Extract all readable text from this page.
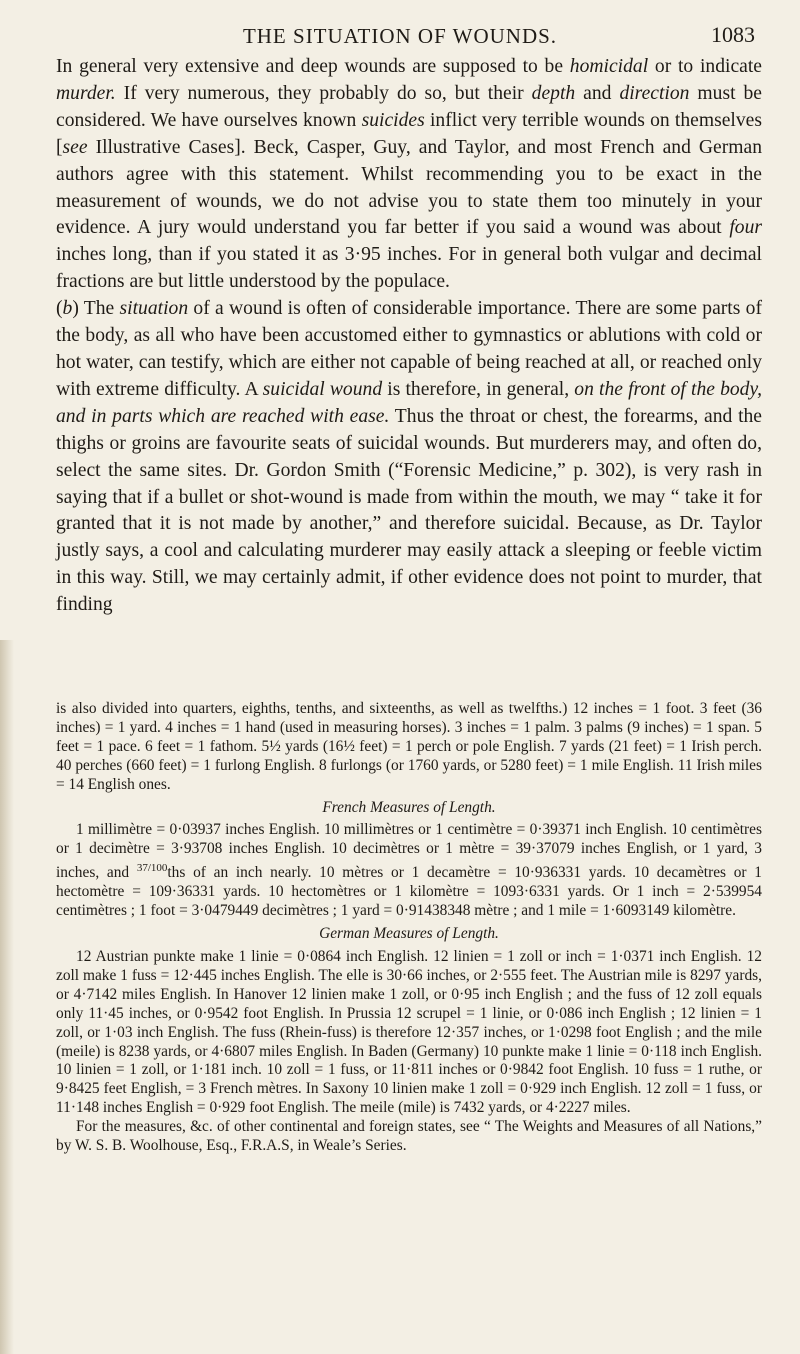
THE SITUATION OF WOUNDS.	1083

In general very extensive and deep wounds are supposed to be homicidal or to indicate murder. If very numerous, they probably do so, but their depth and direction must be considered. We have ourselves known suicides inflict very terrible wounds on themselves [see Illustrative Cases]. Beck, Casper, Guy, and Taylor, and most French and German authors agree with this statement. Whilst recommending you to be exact in the measurement of wounds, we do not advise you to state them too minutely in your evidence. A jury would understand you far better if you said a wound was about four inches long, than if you stated it as 3·95 inches. For in general both vulgar and decimal fractions are but little understood by the populace.

(b) The situation of a wound is often of considerable importance. There are some parts of the body, as all who have been accustomed either to gymnastics or ablutions with cold or hot water, can testify, which are either not capable of being reached at all, or reached only with extreme difficulty. A suicidal wound is therefore, in general, on the front of the body, and in parts which are reached with ease. Thus the throat or chest, the forearms, and the thighs or groins are favourite seats of suicidal wounds. But murderers may, and often do, select the same sites. Dr. Gordon Smith (“Forensic Medicine,” p. 302), is very rash in saying that if a bullet or shot-wound is made from within the mouth, we may “ take it for granted that it is not made by another,” and therefore suicidal. Because, as Dr. Taylor justly says, a cool and calculating murderer may easily attack a sleeping or feeble victim in this way. Still, we may certainly admit, if other evidence does not point to murder, that finding

is also divided into quarters, eighths, tenths, and sixteenths, as well as twelfths.) 12 inches = 1 foot. 3 feet (36 inches) = 1 yard. 4 inches = 1 hand (used in measuring horses). 3 inches = 1 palm. 3 palms (9 inches) = 1 span. 5 feet = 1 pace. 6 feet = 1 fathom. 5½ yards (16½ feet) = 1 perch or pole English. 7 yards (21 feet) = 1 Irish perch. 40 perches (660 feet) = 1 furlong English. 8 furlongs (or 1760 yards, or 5280 feet) = 1 mile English. 11 Irish miles = 14 English ones.

French Measures of Length.

1 millimètre = 0·03937 inches English. 10 millimètres or 1 centimètre = 0·39371 inch English. 10 centimètres or 1 decimètre = 3·93708 inches English. 10 decimètres or 1 mètre = 39·37079 inches English, or 1 yard, 3 inches, and $^{37/100}$ths of an inch nearly. 10 mètres or 1 decamètre = 10·936331 yards. 10 decamètres or 1 hectomètre = 109·36331 yards. 10 hectomètres or 1 kilomètre = 1093·6331 yards. Or 1 inch = 2·539954 centimètres ; 1 foot = 3·0479449 decimètres ; 1 yard = 0·91438348 mètre ; and 1 mile = 1·6093149 kilomètre.

German Measures of Length.

12 Austrian punkte make 1 linie = 0·0864 inch English. 12 linien = 1 zoll or inch = 1·0371 inch English. 12 zoll make 1 fuss = 12·445 inches English. The elle is 30·66 inches, or 2·555 feet. The Austrian mile is 8297 yards, or 4·7142 miles English. In Hanover 12 linien make 1 zoll, or 0·95 inch English ; and the fuss of 12 zoll equals only 11·45 inches, or 0·9542 foot English. In Prussia 12 scrupel = 1 linie, or 0·086 inch English ; 12 linien = 1 zoll, or 1·03 inch English. The fuss (Rhein-fuss) is therefore 12·357 inches, or 1·0298 foot English ; and the mile (meile) is 8238 yards, or 4·6807 miles English. In Baden (Germany) 10 punkte make 1 linie = 0·118 inch English. 10 linien = 1 zoll, or 1·181 inch. 10 zoll = 1 fuss, or 11·811 inches or 0·9842 foot English. 10 fuss = 1 ruthe, or 9·8425 feet English, = 3 French mètres. In Saxony 10 linien make 1 zoll = 0·929 inch English. 12 zoll = 1 fuss, or 11·148 inches English = 0·929 foot English. The meile (mile) is 7432 yards, or 4·2227 miles.

For the measures, &c. of other continental and foreign states, see “ The Weights and Measures of all Nations,” by W. S. B. Woolhouse, Esq., F.R.A.S, in Weale’s Series.
